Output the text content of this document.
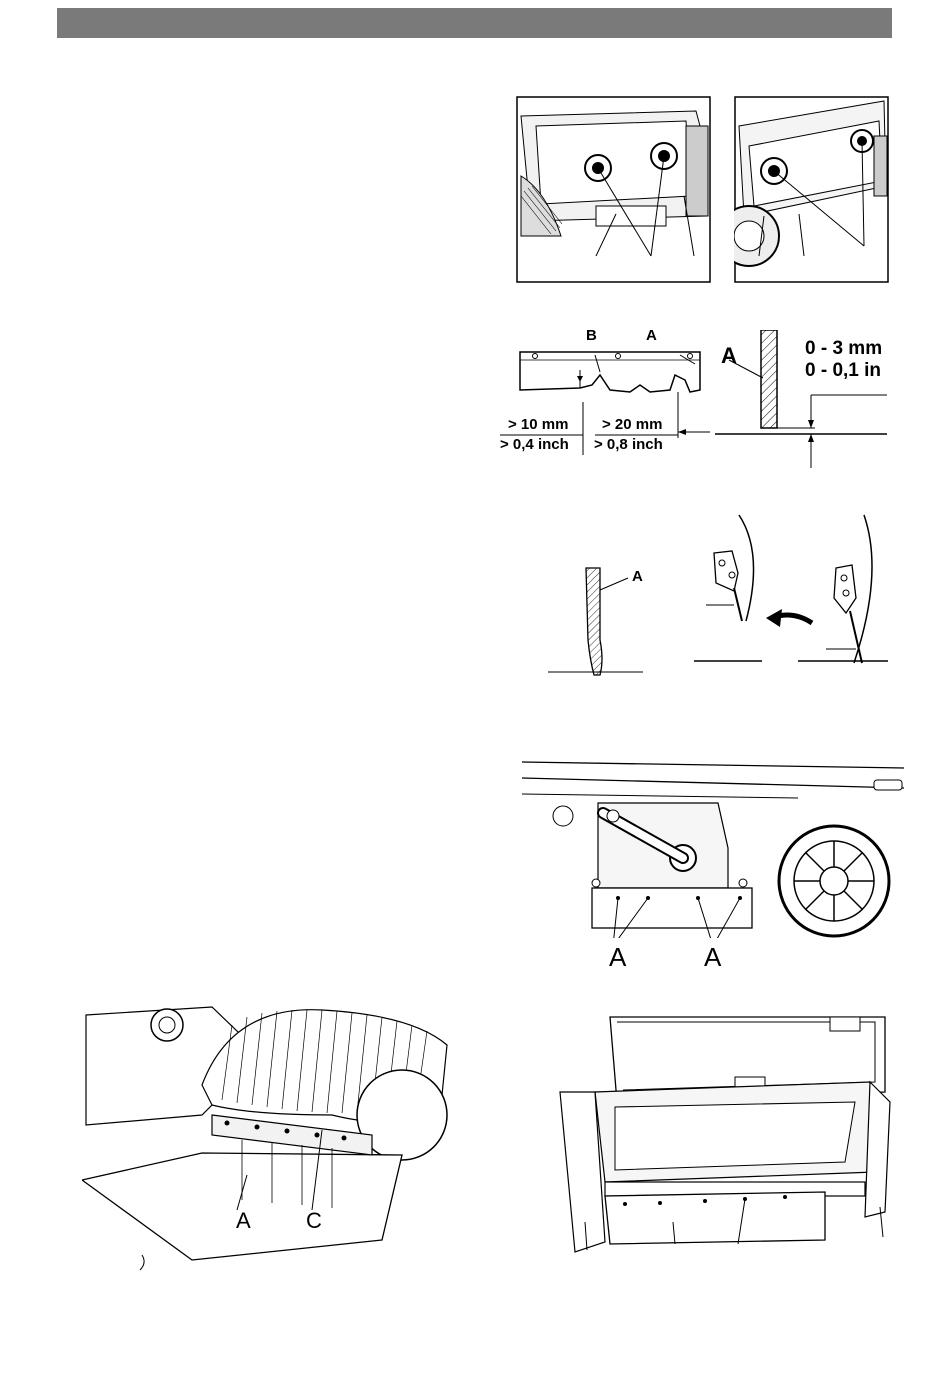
B	A
> 10 mm
> 0,4 inch
> 20 mm
> 0,8 inch
A	0 - 3 mm
0 - 0,1 in
A
A	A
A	C
